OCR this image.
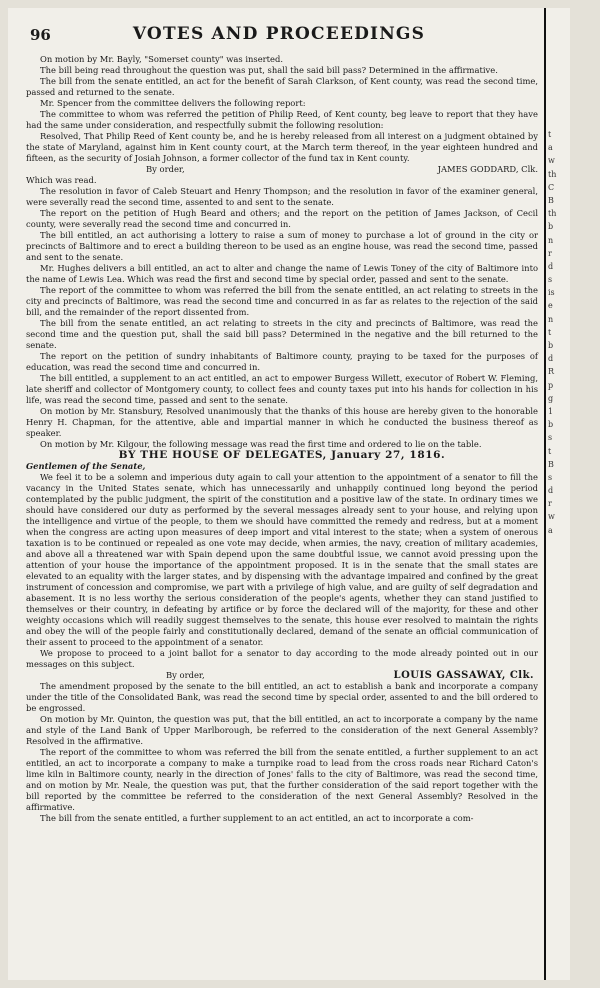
96	VOTES AND PROCEEDINGS

On motion by Mr. Bayly, "Somerset county" was inserted.

The bill being read throughout the question was put, shall the said bill pass? Determined in the affirmative.

The bill from the senate entitled, an act for the benefit of Sarah Clarkson, of Kent county, was read the second time, passed and returned to the senate.

Mr. Spencer from the committee delivers the following report:

The committee to whom was referred the petition of Philip Reed, of Kent county, beg leave to report that they have had the same under consideration, and respectfully submit the following resolution:

Resolved, That Philip Reed of Kent county be, and he is hereby released from all interest on a judgment obtained by the state of Maryland, against him in Kent county court, at the March term thereof, in the year eighteen hundred and fifteen, as the security of Josiah Johnson, a former collector of the fund tax in Kent county.

By order,	JAMES GODDARD, Clk.

Which was read.

The resolution in favor of Caleb Steuart and Henry Thompson; and the resolution in favor of the examiner general, were severally read the second time, assented to and sent to the senate.

The report on the petition of Hugh Beard and others; and the report on the petition of James Jackson, of Cecil county, were severally read the second time and concurred in.

The bill entitled, an act authorising a lottery to raise a sum of money to purchase a lot of ground in the city or precincts of Baltimore and to erect a building thereon to be used as an engine house, was read the second time, passed and sent to the senate.

Mr. Hughes delivers a bill entitled, an act to alter and change the name of Lewis Toney of the city of Baltimore into the name of Lewis Lea. Which was read the first and second time by special order, passed and sent to the senate.

The report of the committee to whom was referred the bill from the senate entitled, an act relating to streets in the city and precincts of Baltimore, was read the second time and concurred in as far as relates to the rejection of the said bill, and the remainder of the report dissented from.

The bill from the senate entitled, an act relating to streets in the city and precincts of Baltimore, was read the second time and the question put, shall the said bill pass? Determined in the negative and the bill returned to the senate.

The report on the petition of sundry inhabitants of Baltimore county, praying to be taxed for the purposes of education, was read the second time and concurred in.

The bill entitled, a supplement to an act entitled, an act to empower Burgess Willett, executor of Robert W. Fleming, late sheriff and collector of Montgomery county, to collect fees and county taxes put into his hands for collection in his life, was read the second time, passed and sent to the senate.

On motion by Mr. Stansbury, Resolved unanimously that the thanks of this house are hereby given to the honorable Henry H. Chapman, for the attentive, able and impartial manner in which he conducted the business thereof as speaker.

On motion by Mr. Kilgour, the following message was read the first time and ordered to lie on the table.

BY THE HOUSE OF DELEGATES, January 27, 1816.

Gentlemen of the Senate,

We feel it to be a solemn and imperious duty again to call your attention to the appointment of a senator to fill the vacancy in the United States senate, which has unnecessarily and unhappily continued long beyond the period contemplated by the public judgment, the spirit of the constitution and a positive law of the state. In ordinary times we should have considered our duty as performed by the several messages already sent to your house, and relying upon the intelligence and virtue of the people, to them we should have committed the remedy and redress, but at a moment when the congress are acting upon measures of deep import and vital interest to the state; when a system of onerous taxation is to be continued or repealed as one vote may decide, when armies, the navy, creation of military academies, and above all a threatened war with Spain depend upon the same doubtful issue, we cannot avoid pressing upon the attention of your house the importance of the appointment proposed. It is in the senate that the small states are elevated to an equality with the larger states, and by dispensing with the advantage impaired and confined by the great instrument of concession and compromise, we part with a privilege of high value, and are guilty of self degradation and abasement. It is no less worthy the serious consideration of the people's agents, whether they can stand justified to themselves or their country, in defeating by artifice or by force the declared will of the majority, for these and other weighty occasions which will readily suggest themselves to the senate, this house ever resolved to maintain the rights and obey the will of the people fairly and constitutionally declared, demand of the senate an official communication of their assent to proceed to the appointment of a senator.

We propose to proceed to a joint ballot for a senator to day according to the mode already pointed out in our messages on this subject.

By order,	LOUIS GASSAWAY, Clk.

The amendment proposed by the senate to the bill entitled, an act to establish a bank and incorporate a company under the title of the Consolidated Bank, was read the second time by special order, assented to and the bill ordered to be engrossed.

On motion by Mr. Quinton, the question was put, that the bill entitled, an act to incorporate a company by the name and style of the Land Bank of Upper Marlborough, be referred to the consideration of the next General Assembly? Resolved in the affirmative.

The report of the committee to whom was referred the bill from the senate entitled, a further supplement to an act entitled, an act to incorporate a company to make a turnpike road to lead from the cross roads near Richard Caton's lime kiln in Baltimore county, nearly in the direction of Jones' falls to the city of Baltimore, was read the second time, and on motion by Mr. Neale, the question was put, that the further consideration of the said report together with the bill reported by the committee be referred to the consideration of the next General Assembly? Resolved in the affirmative.

The bill from the senate entitled, a further supplement to an act entitled, an act to incorporate a com-

t
a
w
th
C
B
th
b
n
r
d
s
is
e
n
t
b
d
R
p
g
1
b
s
t
B
s
d
r
w
a
